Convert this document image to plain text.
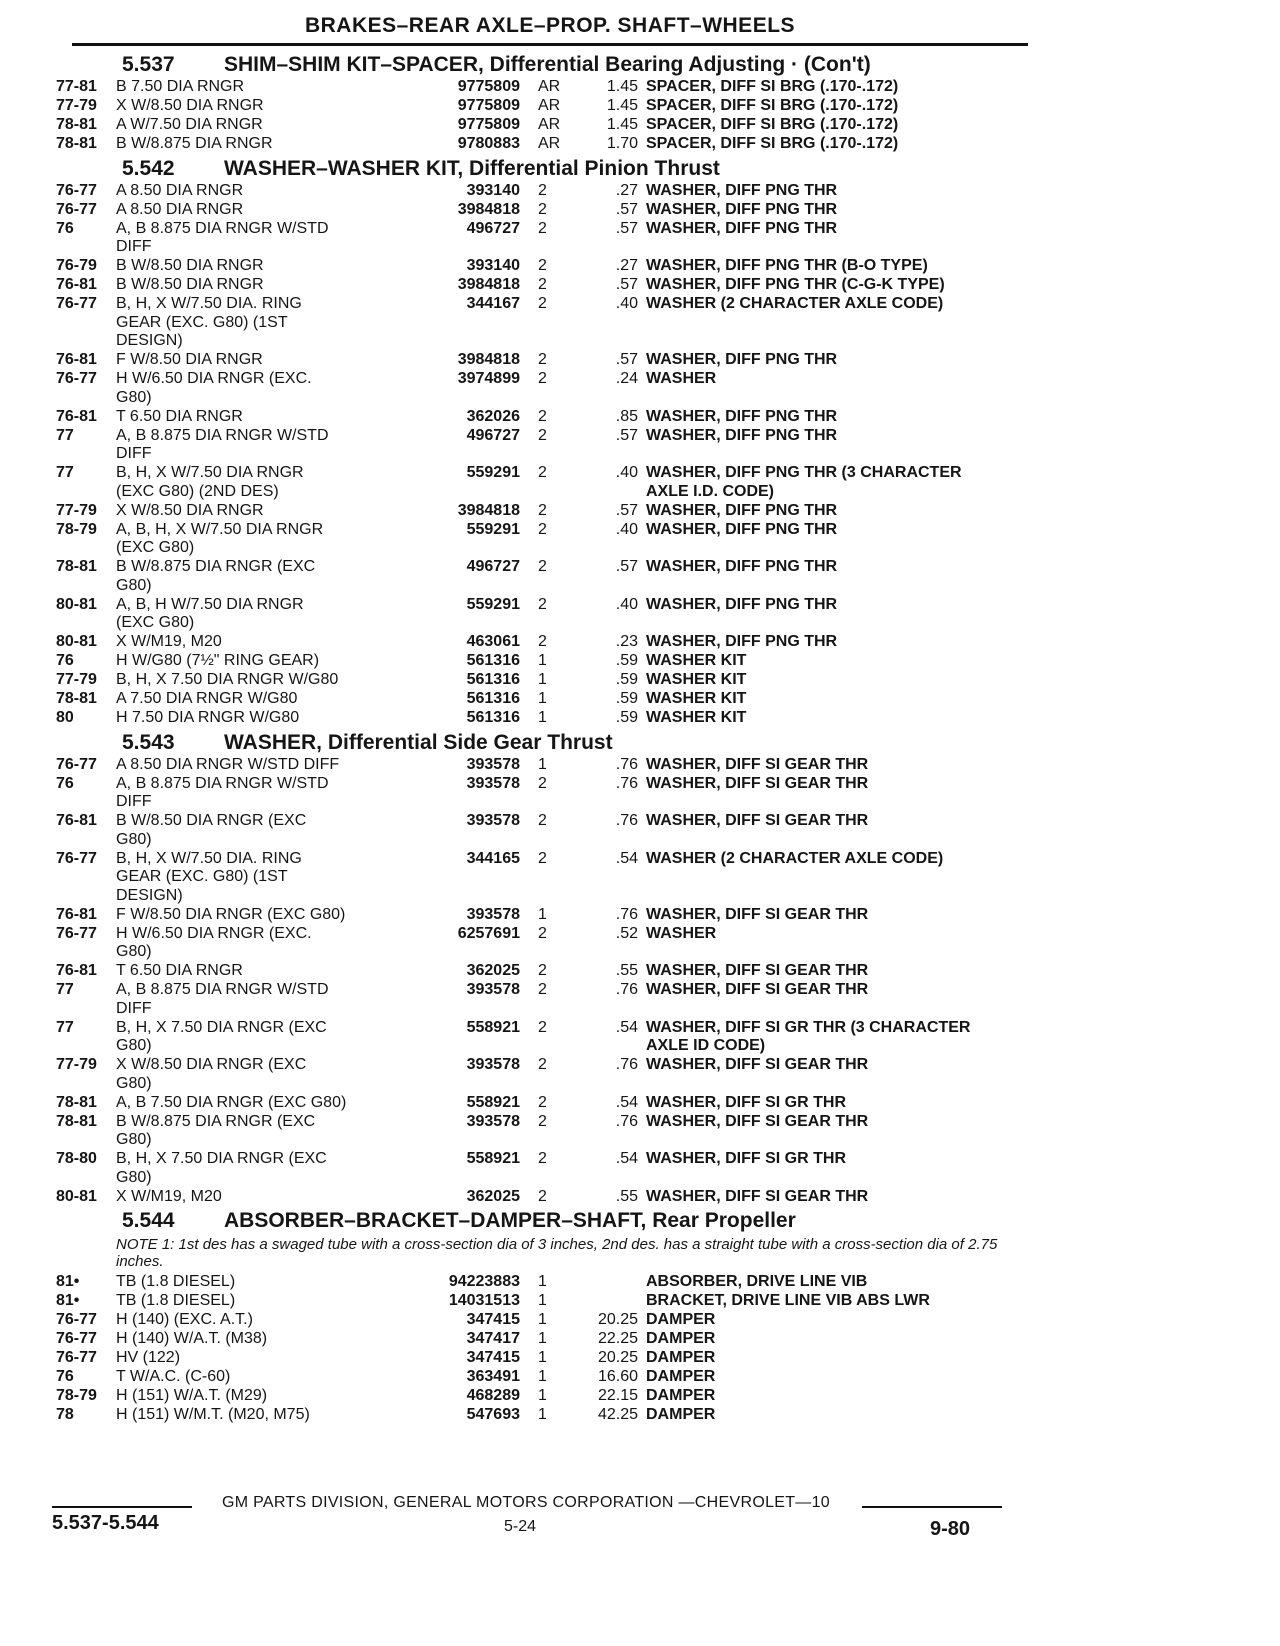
BRAKES–REAR AXLE–PROP. SHAFT–WHEELS
5.537	SHIM–SHIM KIT–SPACER, Differential Bearing Adjusting · (Con't)
77-81	B 7.50 DIA RNGR	9775809	AR	1.45 SPACER, DIFF SI BRG (.170-.172)
77-79	X W/8.50 DIA RNGR	9775809	AR	1.45 SPACER, DIFF SI BRG (.170-.172)
78-81	A W/7.50 DIA RNGR	9775809	AR	1.45 SPACER, DIFF SI BRG (.170-.172)
78-81	B W/8.875 DIA RNGR	9780883	AR	1.70 SPACER, DIFF SI BRG (.170-.172)
5.542	WASHER–WASHER KIT, Differential Pinion Thrust
76-77	A 8.50 DIA RNGR	393140	2	.27 WASHER, DIFF PNG THR
76-77	A 8.50 DIA RNGR	3984818	2	.57 WASHER, DIFF PNG THR
76	A, B 8.875 DIA RNGR W/STD
DIFF
496727	2	.57 WASHER, DIFF PNG THR
76-79	B W/8.50 DIA RNGR	393140	2	.27 WASHER, DIFF PNG THR (B-O TYPE)
76-81	B W/8.50 DIA RNGR	3984818	2	.57 WASHER, DIFF PNG THR (C-G-K TYPE)
76-77	B, H, X W/7.50 DIA. RING
GEAR (EXC. G80) (1ST
DESIGN)
344167	2	.40 WASHER (2 CHARACTER AXLE CODE)
76-81	F W/8.50 DIA RNGR	3984818	2	.57 WASHER, DIFF PNG THR
76-77	H W/6.50 DIA RNGR (EXC.
G80)
3974899	2	.24 WASHER
76-81	T 6.50 DIA RNGR	362026	2	.85 WASHER, DIFF PNG THR
77	A, B 8.875 DIA RNGR W/STD
DIFF
496727	2	.57 WASHER, DIFF PNG THR
77	B, H, X W/7.50 DIA RNGR
(EXC G80) (2ND DES)
559291	2	.40 WASHER, DIFF PNG THR (3 CHARACTER
AXLE I.D. CODE)
77-79	X W/8.50 DIA RNGR	3984818	2	.57 WASHER, DIFF PNG THR
78-79	A, B, H, X W/7.50 DIA RNGR
(EXC G80)
559291	2	.40 WASHER, DIFF PNG THR
78-81	B W/8.875 DIA RNGR (EXC
G80)
496727	2	.57 WASHER, DIFF PNG THR
80-81	A, B, H W/7.50 DIA RNGR
(EXC G80)
559291	2	.40 WASHER, DIFF PNG THR
80-81	X W/M19, M20	463061	2	.23 WASHER, DIFF PNG THR
76	H W/G80 (7½" RING GEAR)	561316	1	.59 WASHER KIT
77-79	B, H, X 7.50 DIA RNGR W/G80	561316	1	.59 WASHER KIT
78-81	A 7.50 DIA RNGR W/G80	561316	1	.59 WASHER KIT
80	H 7.50 DIA RNGR W/G80	561316	1	.59 WASHER KIT
5.543	WASHER, Differential Side Gear Thrust
76-77	A 8.50 DIA RNGR W/STD DIFF	393578	1	.76 WASHER, DIFF SI GEAR THR
76	A, B 8.875 DIA RNGR W/STD
DIFF
393578	2	.76 WASHER, DIFF SI GEAR THR
76-81	B W/8.50 DIA RNGR (EXC
G80)
393578	2	.76 WASHER, DIFF SI GEAR THR
76-77	B, H, X W/7.50 DIA. RING
GEAR (EXC. G80) (1ST
DESIGN)
344165	2	.54 WASHER (2 CHARACTER AXLE CODE)
76-81	F W/8.50 DIA RNGR (EXC G80)	393578	1	.76 WASHER, DIFF SI GEAR THR
76-77	H W/6.50 DIA RNGR (EXC.
G80)
6257691	2	.52 WASHER
76-81	T 6.50 DIA RNGR	362025	2	.55 WASHER, DIFF SI GEAR THR
77	A, B 8.875 DIA RNGR W/STD
DIFF
393578	2	.76 WASHER, DIFF SI GEAR THR
77	B, H, X 7.50 DIA RNGR (EXC
G80)
558921	2	.54 WASHER, DIFF SI GR THR (3 CHARACTER
AXLE ID CODE)
77-79	X W/8.50 DIA RNGR (EXC
G80)
393578	2	.76 WASHER, DIFF SI GEAR THR
78-81	A, B 7.50 DIA RNGR (EXC G80)	558921	2	.54 WASHER, DIFF SI GR THR
78-81	B W/8.875 DIA RNGR (EXC
G80)
393578	2	.76 WASHER, DIFF SI GEAR THR
78-80	B, H, X 7.50 DIA RNGR (EXC
G80)
558921	2	.54 WASHER, DIFF SI GR THR
80-81	X W/M19, M20	362025	2	.55 WASHER, DIFF SI GEAR THR
5.544	ABSORBER–BRACKET–DAMPER–SHAFT, Rear Propeller
NOTE 1: 1st des has a swaged tube with a cross-section dia of 3 inches, 2nd des. has a straight tube with a cross-section dia of 2.75 inches.
81•	TB (1.8 DIESEL)	94223883	1	ABSORBER, DRIVE LINE VIB
81•	TB (1.8 DIESEL)	14031513	1	BRACKET, DRIVE LINE VIB ABS LWR
76-77	H (140) (EXC. A.T.)	347415	1	20.25 DAMPER
76-77	H (140) W/A.T. (M38)	347417	1	22.25 DAMPER
76-77	HV (122)	347415	1	20.25 DAMPER
76	T W/A.C. (C-60)	363491	1	16.60 DAMPER
78-79	H (151) W/A.T. (M29)	468289	1	22.15 DAMPER
78	H (151) W/M.T. (M20, M75)	547693	1	42.25 DAMPER
GM PARTS DIVISION, GENERAL MOTORS CORPORATION —CHEVROLET—10
5.537-5.544	5-24	9-80
